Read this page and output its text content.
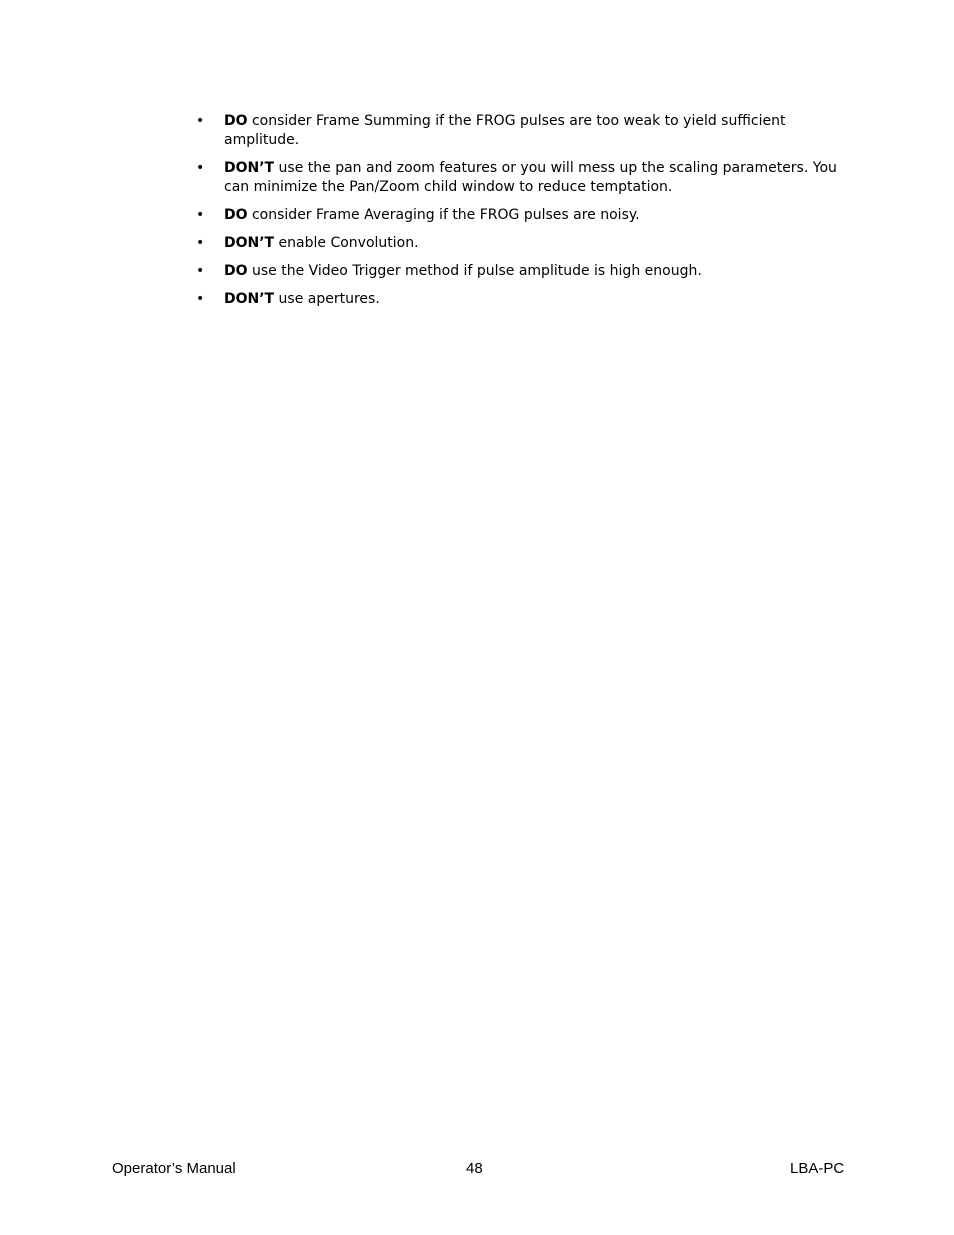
• DO consider Frame Summing if the FROG pulses are too weak to yield sufficient amplitude.
• DON’T use the pan and zoom features or you will mess up the scaling parameters. You can minimize the Pan/Zoom child window to reduce temptation.
• DO consider Frame Averaging if the FROG pulses are noisy.
• DON’T enable Convolution.
• DO use the Video Trigger method if pulse amplitude is high enough.
• DON’T use apertures.
Operator’s Manual	48	LBA-PC
